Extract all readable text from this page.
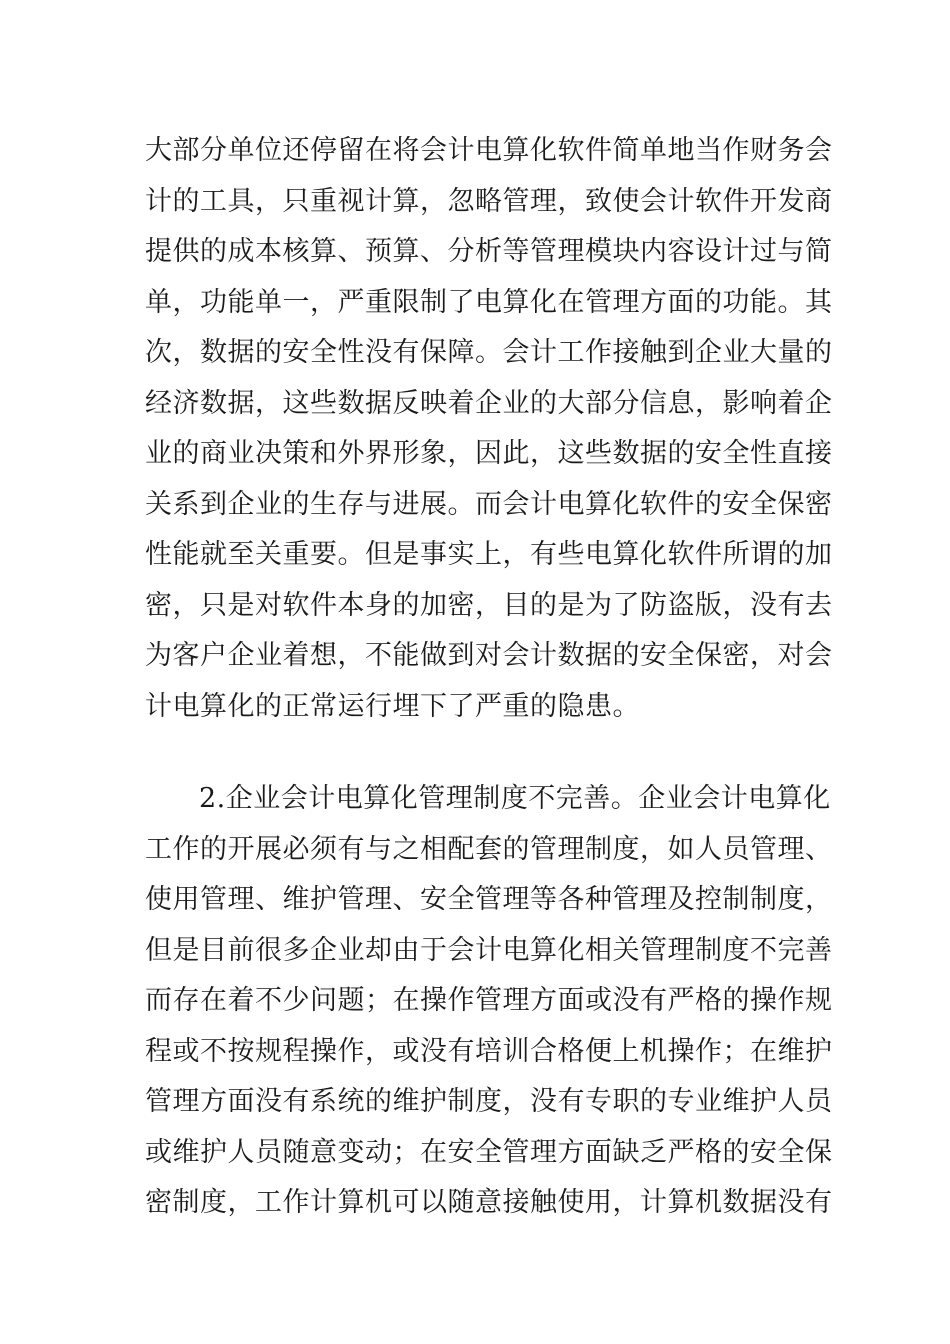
大部分单位还停留在将会计电算化软件简单地当作财务会
计的工具，只重视计算，忽略管理，致使会计软件开发商
提供的成本核算、预算、分析等管理模块内容设计过与简
单，功能单一，严重限制了电算化在管理方面的功能。其
次，数据的安全性没有保障。会计工作接触到企业大量的
经济数据，这些数据反映着企业的大部分信息，影响着企
业的商业决策和外界形象，因此，这些数据的安全性直接
关系到企业的生存与进展。而会计电算化软件的安全保密
性能就至关重要。但是事实上，有些电算化软件所谓的加
密，只是对软件本身的加密，目的是为了防盗版，没有去
为客户企业着想，不能做到对会计数据的安全保密，对会
计电算化的正常运行埋下了严重的隐患。
2.企业会计电算化管理制度不完善。企业会计电算化
工作的开展必须有与之相配套的管理制度，如人员管理、
使用管理、维护管理、安全管理等各种管理及控制制度，
但是目前很多企业却由于会计电算化相关管理制度不完善
而存在着不少问题；在操作管理方面或没有严格的操作规
程或不按规程操作，或没有培训合格便上机操作；在维护
管理方面没有系统的维护制度，没有专职的专业维护人员
或维护人员随意变动；在安全管理方面缺乏严格的安全保
密制度，工作计算机可以随意接触使用，计算机数据没有
